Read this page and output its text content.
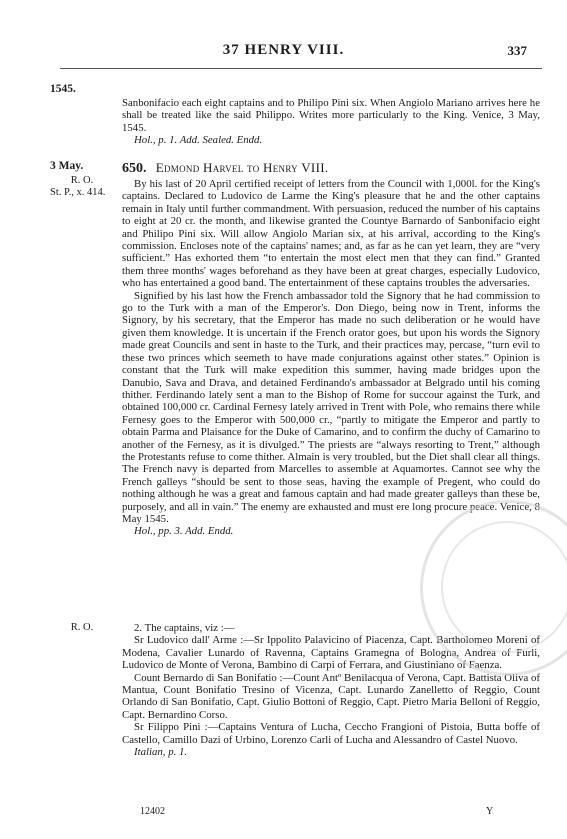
37 HENRY VIII.	337
1545.

Sanbonifacio each eight captains and to Philipo Pini six. When Angiolo Mariano arrives here he shall be treated like the said Philippo. Writes more particularly to the King. Venice, 3 May, 1545.

Hol., p. 1. Add. Sealed. Endd.

3 May.
R. O.
St. P., x. 414.
650. Edmond Harvel to Henry VIII.

By his last of 20 April certified receipt of letters from the Council with 1,000l. for the King's captains. Declared to Ludovico de Larme the King's pleasure that he and the other captains remain in Italy until further commandment. With persuasion, reduced the number of his captains to eight at 20 cr. the month, and likewise granted the Countye Barnardo of Sanbonifacio eight and Philipo Pini six. Will allow Angiolo Marian six, at his arrival, according to the King's commission. Encloses note of the captains' names; and, as far as he can yet learn, they are “very sufficient.” Has exhorted them “to entertain the most elect men that they can find.” Granted them three months' wages beforehand as they have been at great charges, especially Ludovico, who has entertained a good band. The entertainment of these captains troubles the adversaries.

Signified by his last how the French ambassador told the Signory that he had commission to go to the Turk with a man of the Emperor's. Don Diego, being now in Trent, informs the Signory, by his secretary, that the Emperor has made no such deliberation or he would have given them knowledge. It is uncertain if the French orator goes, but upon his words the Signory made great Councils and sent in haste to the Turk, and their practices may, percase, “turn evil to these two princes which seemeth to have made conjurations against other states.” Opinion is constant that the Turk will make expedition this summer, having made bridges upon the Danubio, Sava and Drava, and detained Ferdinando's ambassador at Belgrado until his coming thither. Ferdinando lately sent a man to the Bishop of Rome for succour against the Turk, and obtained 100,000 cr. Cardinal Fernesy lately arrived in Trent with Pole, who remains there while Fernesy goes to the Emperor with 500,000 cr., “partly to mitigate the Emperor and partly to obtain Parma and Plaisance for the Duke of Camarino, and to confirm the duchy of Camarino to another of the Fernesy, as it is divulged.” The priests are “always resorting to Trent,” although the Protestants refuse to come thither. Almain is very troubled, but the Diet shall clear all things. The French navy is departed from Marcelles to assemble at Aquamortes. Cannot see why the French galleys “should be sent to those seas, having the example of Pregent, who could do nothing although he was a great and famous captain and had made greater galleys than these be, purposely, and all in vain.” The enemy are exhausted and must ere long procure peace. Venice, 8 May 1545.

Hol., pp. 3. Add. Endd.

R. O.	2. The captains, viz :—

Sr Ludovico dall' Arme :—Sr Ippolito Palavicino of Piacenza, Capt. Bartholomeo Moreni of Modena, Cavalier Lunardo of Ravenna, Captains Gramegna of Bologna, Andrea of Furli, Ludovico de Monte of Verona, Bambino di Carpi of Ferrara, and Giustiniano of Faenza.

Count Bernardo di San Bonifatio :—Count Antº Benilacqua of Verona, Capt. Battista Oliva of Mantua, Count Bonifatio Tresino of Vicenza, Capt. Lunardo Zanelletto of Reggio, Count Orlando di San Bonifatio, Capt. Giulio Bottoni of Reggio, Capt. Pietro Maria Belloni of Reggio, Capt. Bernardino Corso.

Sr Filippo Pini :—Captains Ventura of Lucha, Ceccho Frangioni of Pistoia, Butta boffe of Castello, Camillo Dazi of Urbino, Lorenzo Carli of Lucha and Alessandro of Castel Nuovo.

Italian, p. 1.

12402	Y
